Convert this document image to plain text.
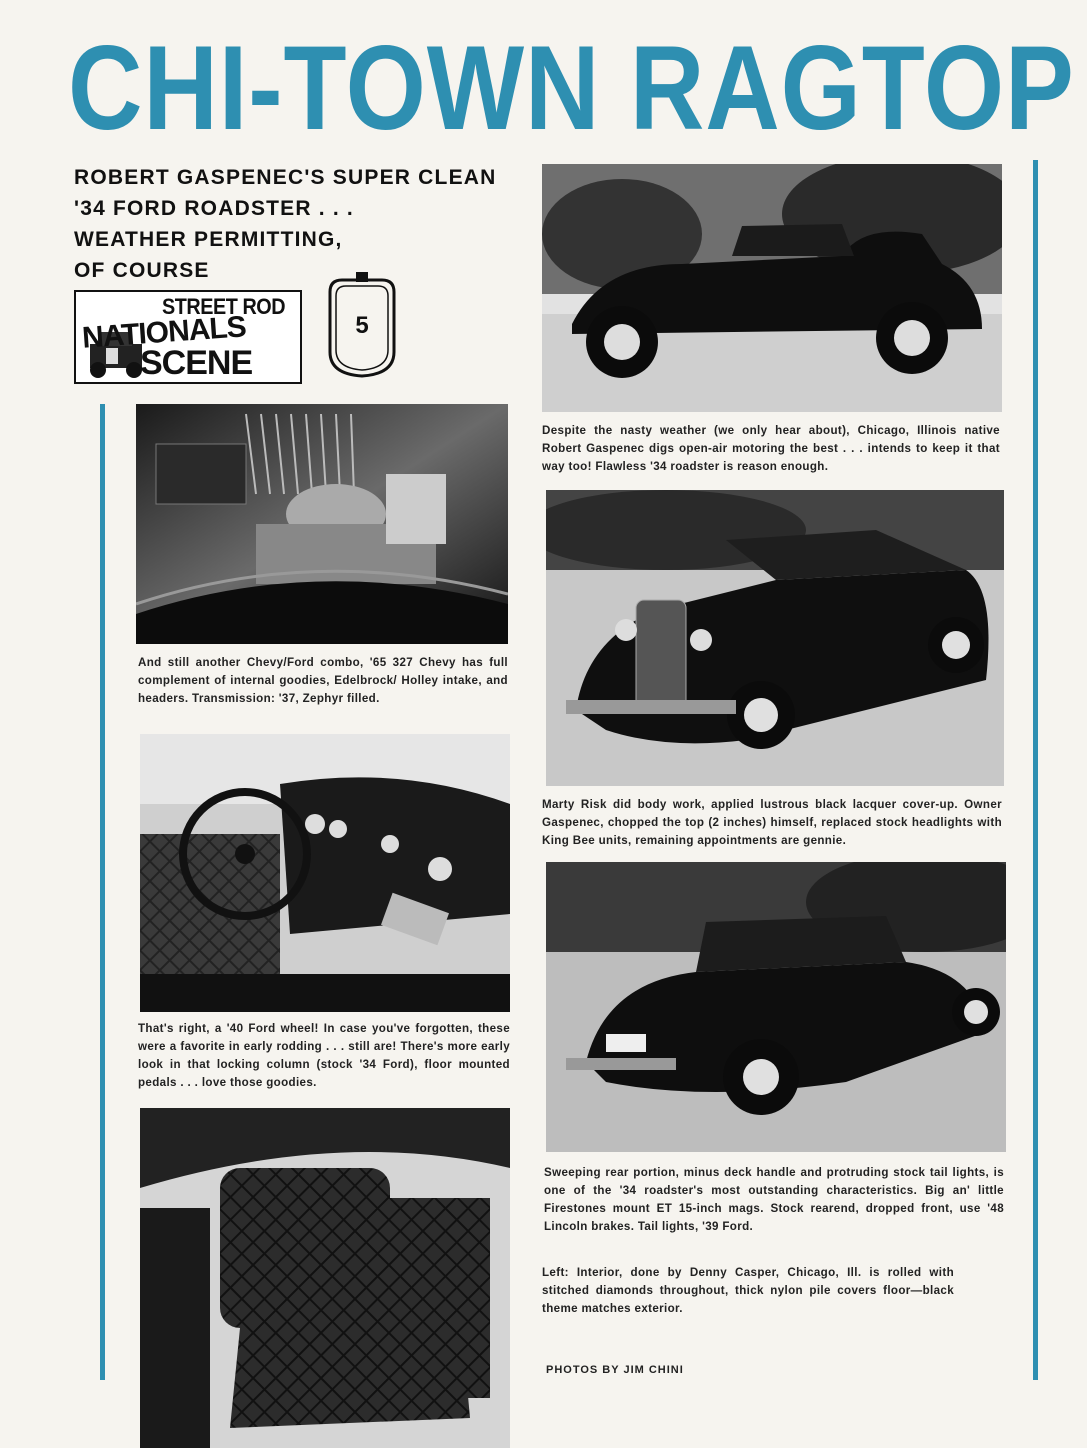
CHI-TOWN RAGTOP
ROBERT GASPENEC'S SUPER CLEAN
'34 FORD ROADSTER . . .
WEATHER PERMITTING,
OF COURSE
STREET ROD
NATIONALS
SCENE
5
And still another Chevy/Ford combo, '65 327 Chevy has full complement of internal goodies, Edelbrock/ Holley intake, and headers. Transmission: '37, Zephyr filled.
That's right, a '40 Ford wheel! In case you've forgotten, these were a favorite in early rodding . . . still are! There's more early look in that locking column (stock '34 Ford), floor mounted pedals . . . love those goodies.
Despite the nasty weather (we only hear about), Chicago, Illinois native Robert Gaspenec digs open-air motoring the best . . . intends to keep it that way too! Flawless '34 roadster is reason enough.
Marty Risk did body work, applied lustrous black lacquer cover-up. Owner Gaspenec, chopped the top (2 inches) himself, replaced stock headlights with King Bee units, remaining appointments are gennie.
Sweeping rear portion, minus deck handle and protruding stock tail lights, is one of the '34 roadster's most outstanding characteristics. Big an' little Firestones mount ET 15-inch mags. Stock rearend, dropped front, use '48 Lincoln brakes. Tail lights, '39 Ford.
Left: Interior, done by Denny Casper, Chicago, Ill. is rolled with stitched diamonds throughout, thick nylon pile covers floor—black theme matches exterior.
PHOTOS BY JIM CHINI
